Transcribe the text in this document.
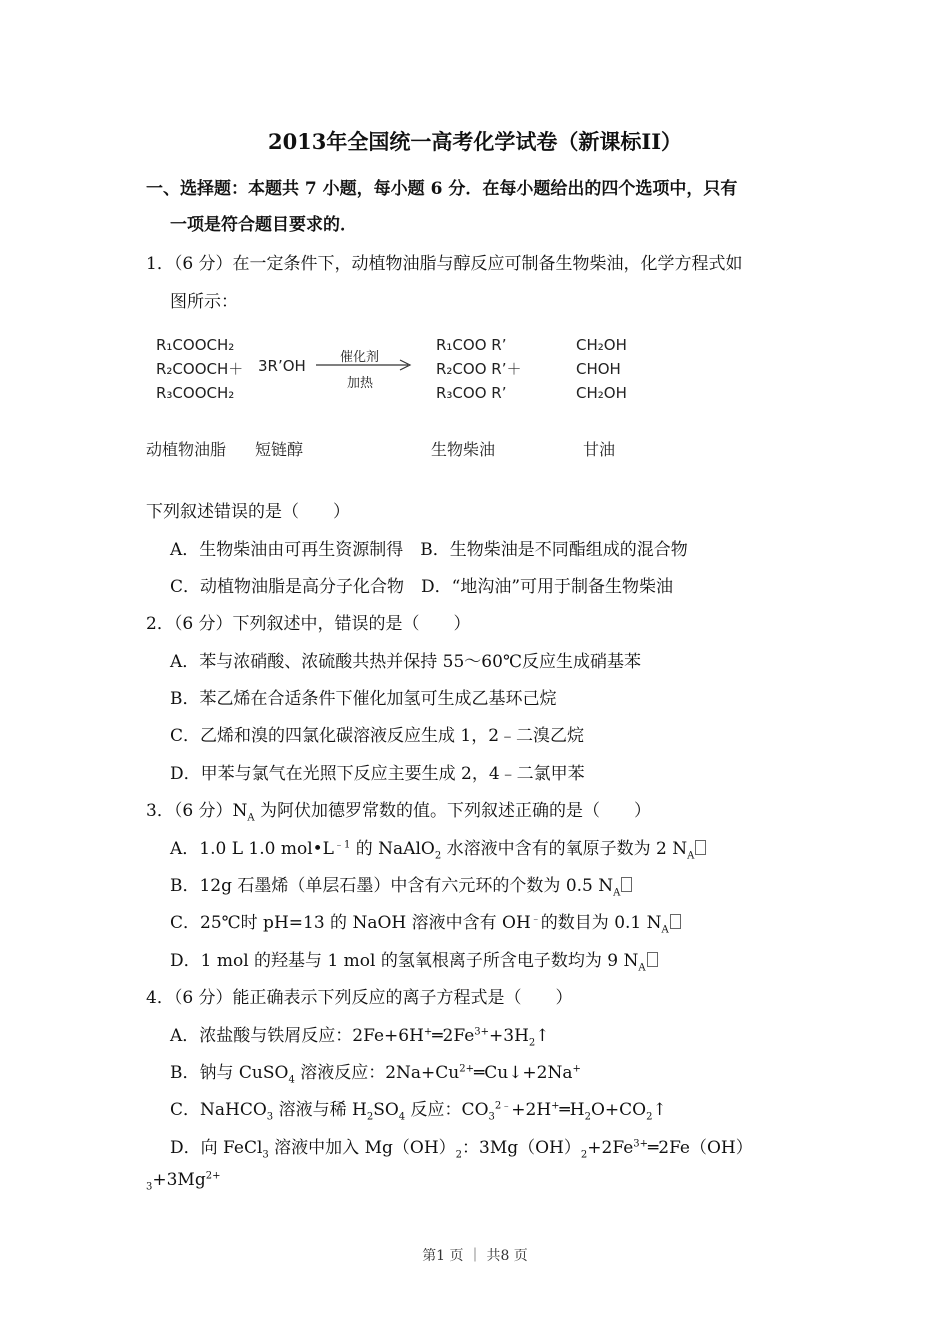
2013年全国统一高考化学试卷（新课标II）
一、选择题：本题共 7 小题，每小题 6 分．在每小题给出的四个选项中，只有
一项是符合题目要求的．
1．（6 分）在一定条件下，动植物油脂与醇反应可制备生物柴油，化学方程式如
图所示：
R₁COOCH₂
R₂COOCH＋
R₃COOCH₂
3R’OH	催化剂
加热
R₁COO R’
R₂COO R’＋
R₃COO R’
CH₂OH
CHOH
CH₂OH
动植物油脂 短链醇	生物柴油	甘油
下列叙述错误的是（　　）
A．生物柴油由可再生资源制得　B．生物柴油是不同酯组成的混合物
C．动植物油脂是高分子化合物　D．“地沟油”可用于制备生物柴油
2．（6 分）下列叙述中，错误的是（　　）
A．苯与浓硝酸、浓硫酸共热并保持 55～60℃反应生成硝基苯
B．苯乙烯在合适条件下催化加氢可生成乙基环己烷
C．乙烯和溴的四氯化碳溶液反应生成 1，2﹣二溴乙烷
D．甲苯与氯气在光照下反应主要生成 2，4﹣二氯甲苯
3．（6 分）$N_A$ 为阿伏加德罗常数的值。下列叙述正确的是（　　）
A．1.0 L 1.0 $mol•L^{﹣1}$ 的 NaAlO$_2$ 水溶液中含有的氧原子数为 2 $N_A$
B．12g 石墨烯（单层石墨）中含有六元环的个数为 0.5 $N_A$
C．25℃时 pH=13 的 NaOH 溶液中含有 OH﹣的数目为 0.1 $N_A$
D．1 mol 的羟基与 1 mol 的氢氧根离子所含电子数均为 9 $N_A$
4．（6 分）能正确表示下列反应的离子方程式是（　　）
A．浓盐酸与铁屑反应：$2Fe+6H^+═2Fe^{3+}+3H_2↑$
B．钠与 CuSO$_4$ 溶液反应：$2Na+Cu^{2+}═Cu↓+2Na^+$
C．NaHCO$_3$ 溶液与稀 $H_2SO_4$ 反应：$CO_3^{2﹣}+2H^+═H_2O+CO_2↑$
D．向 FeCl$_3$ 溶液中加入 $Mg(OH)_2$：$3Mg(OH)_2+2Fe^{3+}═2Fe(OH)$
$_3+3Mg^{2+}$
第1 页 ｜ 共8 页
